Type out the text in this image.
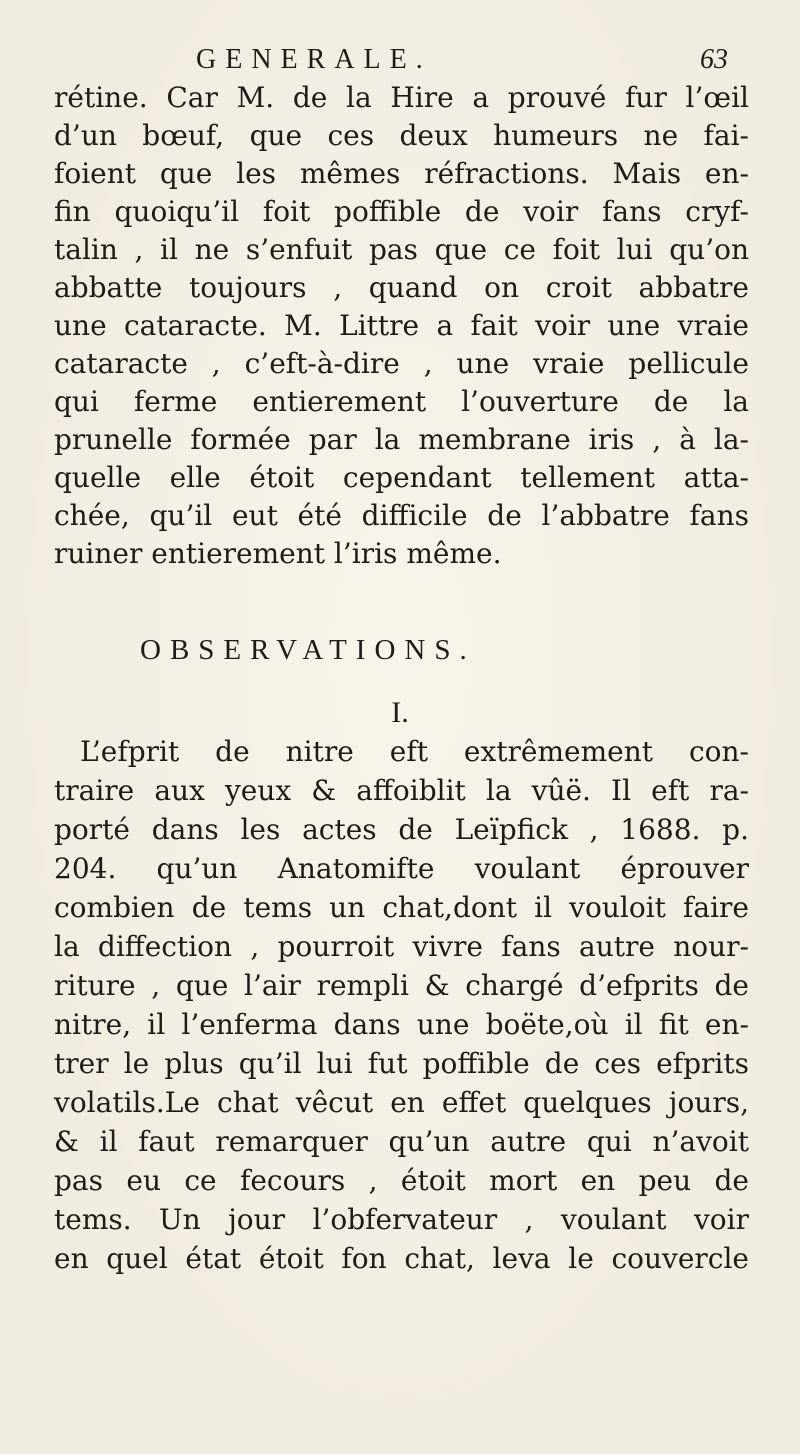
GENERALE.	63

rétine. Car M. de la Hire a prouvé fur l’œil

d’un bœuf, que ces deux humeurs ne fai-

foient que les mêmes réfractions. Mais en-

fin quoiqu’il foit poffible de voir fans cryf-

talin , il ne s’enfuit pas que ce foit lui qu’on

abbatte toujours , quand on croit abbatre

une cataracte. M. Littre a fait voir une vraie

cataracte , c’eft-à-dire , une vraie pellicule

qui ferme entierement l’ouverture de la

prunelle formée par la membrane iris , à la-

quelle elle étoit cependant tellement atta-

chée, qu’il eut été difficile de l’abbatre fans

ruiner entierement l’iris même.

OBSERVATIONS.
I.

L’efprit de nitre eft extrêmement con-

traire aux yeux & affoiblit la vûë. Il eft ra-

porté dans les actes de Leïpfick , 1688. p.

204. qu’un Anatomifte voulant éprouver

combien de tems un chat,dont il vouloit faire

la diffection , pourroit vivre fans autre nour-

riture , que l’air rempli & chargé d’efprits de

nitre, il l’enferma dans une boëte,où il fit en-

trer le plus qu’il lui fut poffible de ces efprits

volatils.Le chat vêcut en effet quelques jours,

& il faut remarquer qu’un autre qui n’avoit

pas eu ce fecours , étoit mort en peu de

tems. Un jour l’obfervateur , voulant voir

en quel état étoit fon chat, leva le couvercle
